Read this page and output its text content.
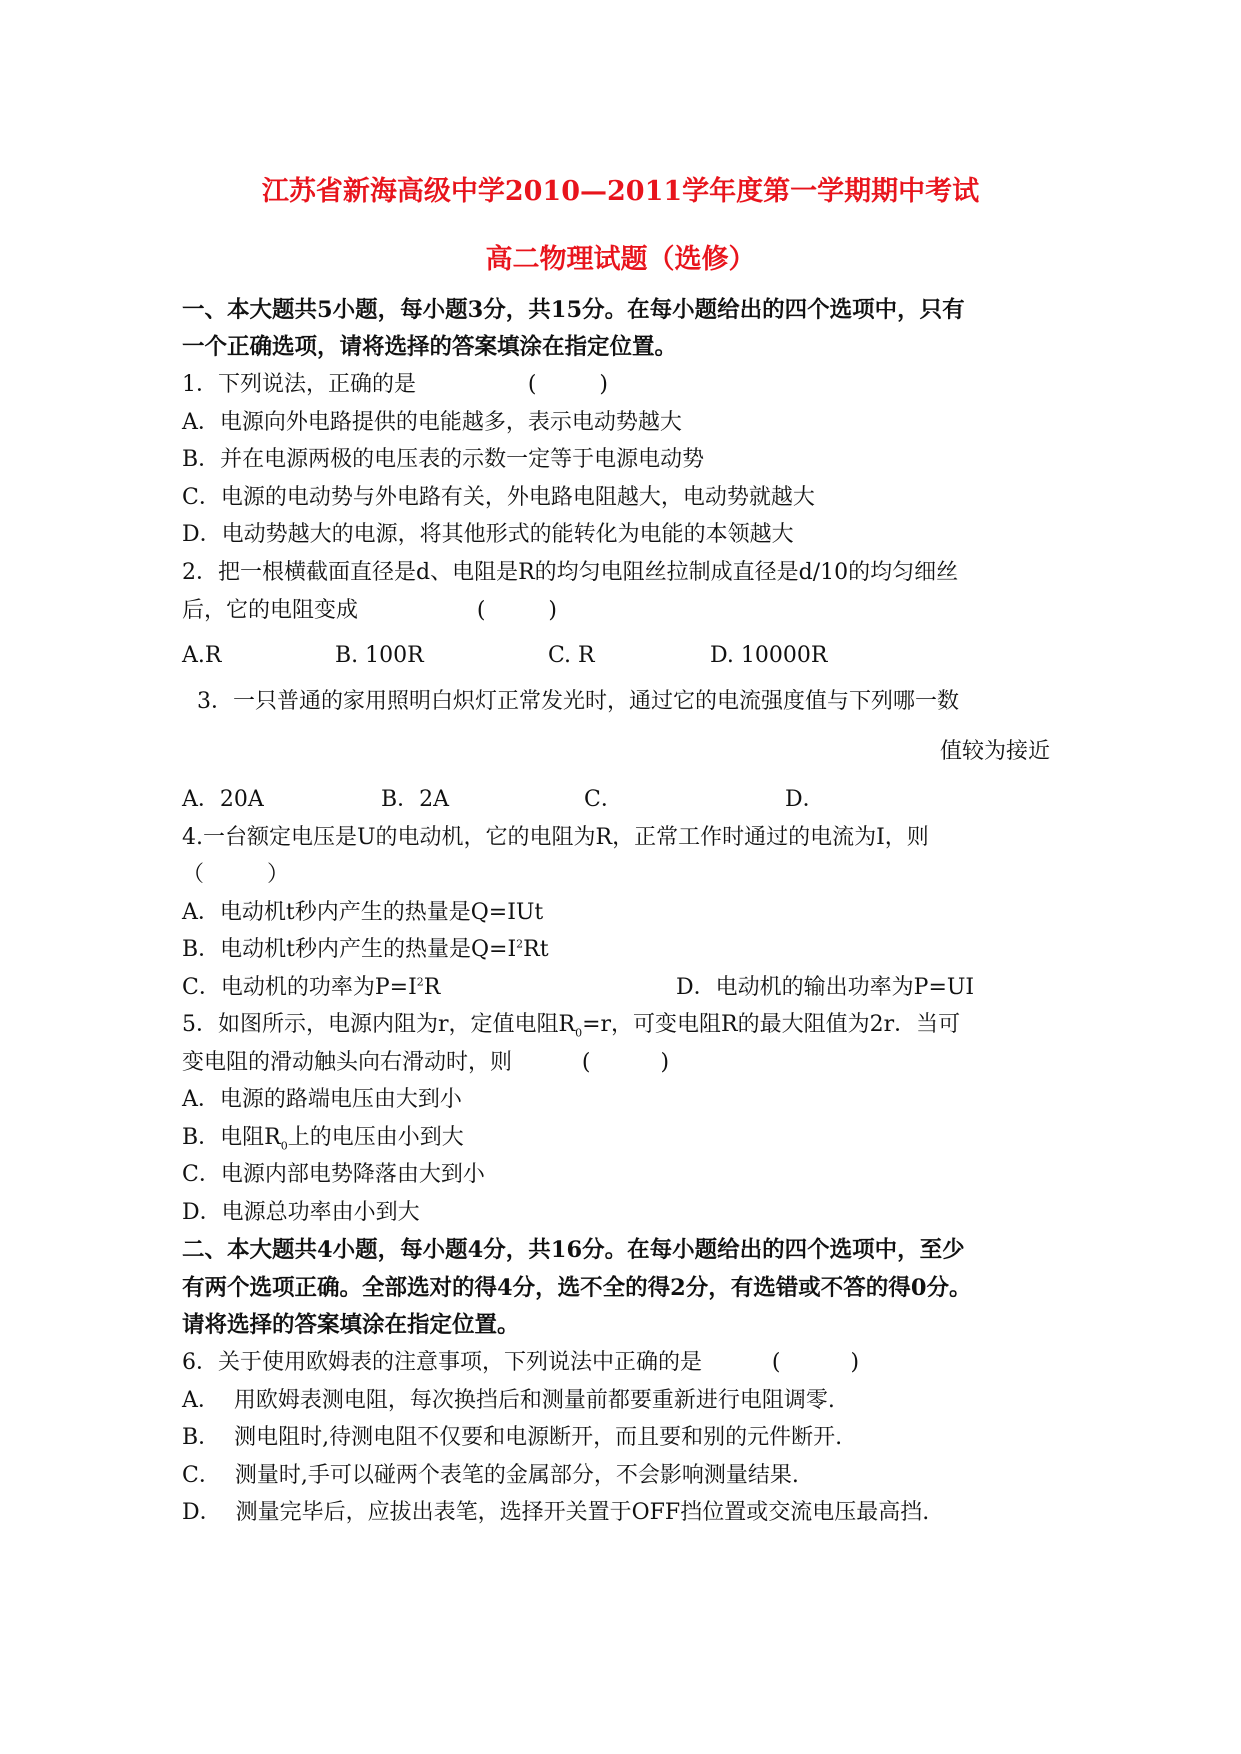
江苏省新海高级中学2010—2011学年度第一学期期中考试
高二物理试题（选修）
一、本大题共5小题，每小题3分，共15分。在每小题给出的四个选项中，只有
一个正确选项，请将选择的答案填涂在指定位置。
1．下列说法，正确的是                (         )
A．电源向外电路提供的电能越多，表示电动势越大
B．并在电源两极的电压表的示数一定等于电源电动势
C．电源的电动势与外电路有关，外电路电阻越大，电动势就越大
D．电动势越大的电源，将其他形式的能转化为电能的本领越大
2．把一根横截面直径是d、电阻是R的均匀电阻丝拉制成直径是d/10的均匀细丝
后，它的电阻变成                 (         )
A.R	B. 100R	C. R	D. 10000R
3．一只普通的家用照明白炽灯正常发光时，通过它的电流强度值与下列哪一数
值较为接近
A．20A	B．2A	C．	D．
4.一台额定电压是U的电动机，它的电阻为R，正常工作时通过的电流为I，则
（         ）
A．电动机t秒内产生的热量是Q=IUt
B．电动机t秒内产生的热量是$Q=I^2Rt$
C．电动机的功率为$P=I^2R$	D．电动机的输出功率为P=UI
5．如图所示，电源内阻为r，定值电阻$R_0=r$，可变电阻R的最大阻值为2r．当可
变电阻的滑动触头向右滑动时，则          (          )
A．电源的路端电压由大到小
B．电阻$R_0$上的电压由小到大
C．电源内部电势降落由大到小
D．电源总功率由小到大
二、本大题共4小题，每小题4分，共16分。在每小题给出的四个选项中，至少
有两个选项正确。全部选对的得4分，选不全的得2分，有选错或不答的得0分。
请将选择的答案填涂在指定位置。
6．关于使用欧姆表的注意事项，下列说法中正确的是          (          )
A．  用欧姆表测电阻，每次换挡后和测量前都要重新进行电阻调零.
B．  测电阻时,待测电阻不仅要和电源断开，而且要和别的元件断开.
C．  测量时,手可以碰两个表笔的金属部分，不会影响测量结果.
D．  测量完毕后，应拔出表笔，选择开关置于OFF挡位置或交流电压最高挡.
